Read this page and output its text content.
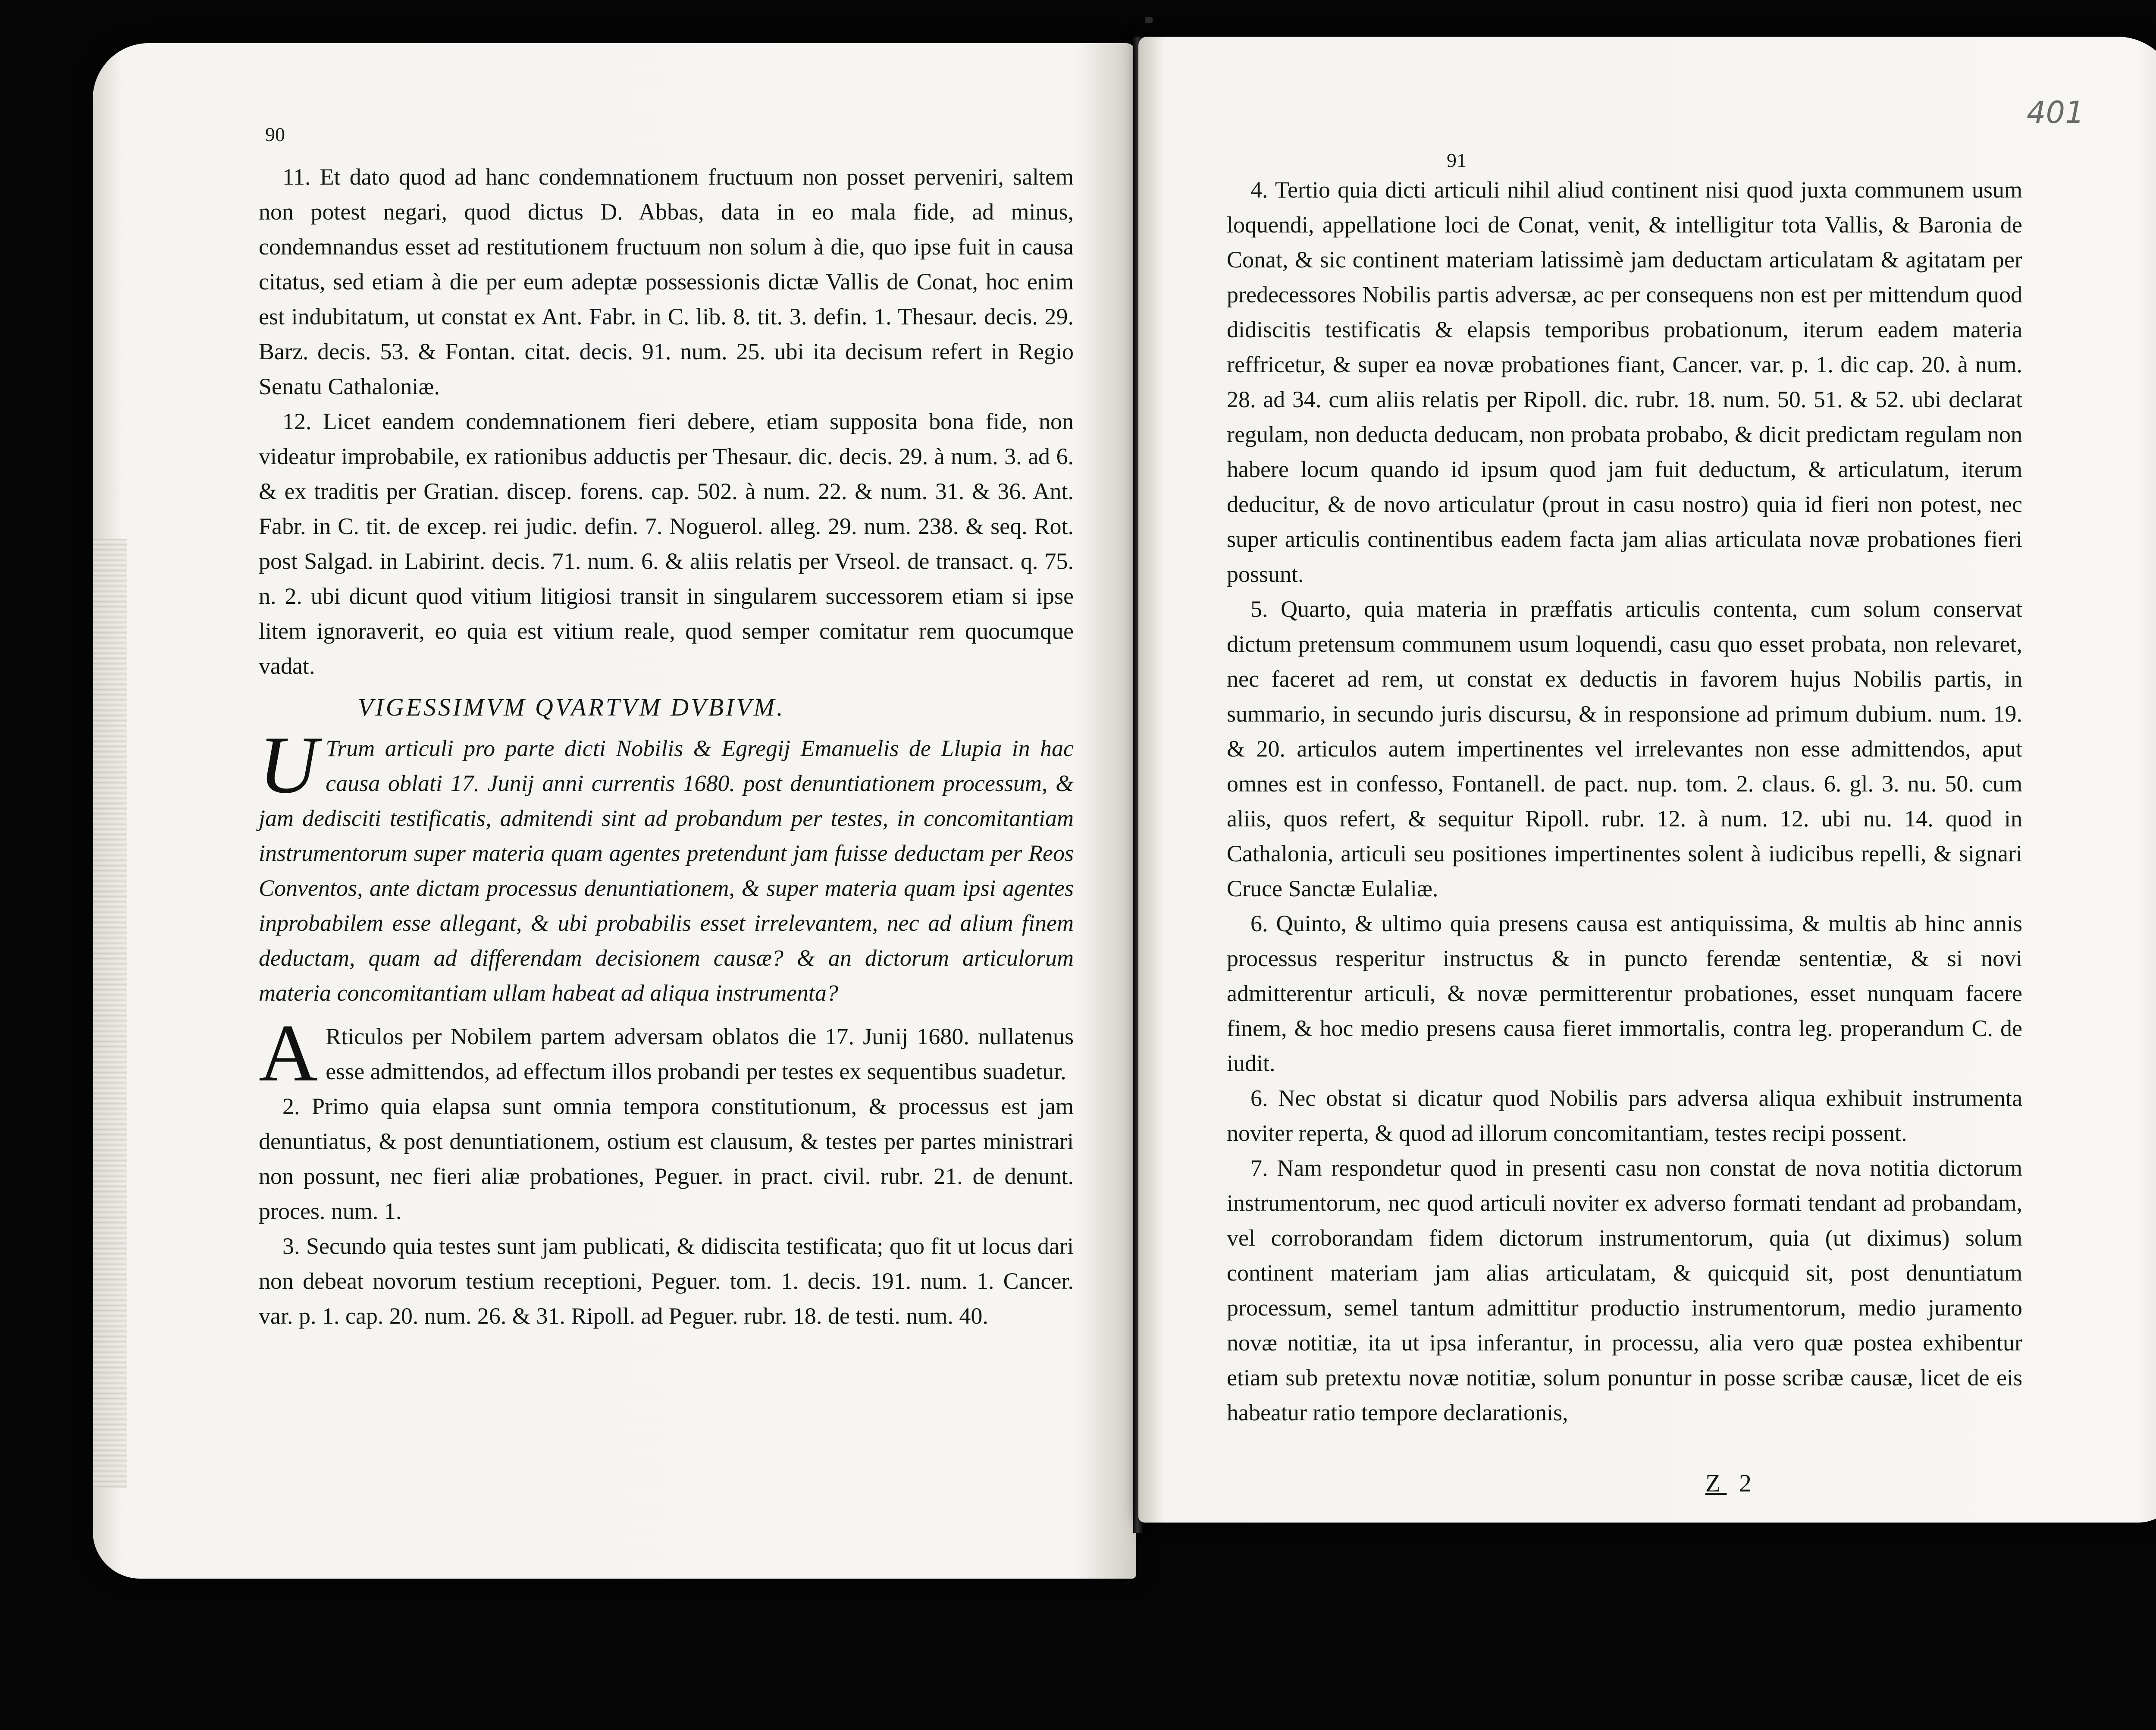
401
90
91

11. Et dato quod ad hanc condemnationem fructuum non posset perveniri, saltem non potest negari, quod dictus D. Abbas, data in eo mala fide, ad minus, condemnandus esset ad restitutionem fructuum non solum à die, quo ipse fuit in causa citatus, sed etiam à die per eum adeptæ possessionis dictæ Vallis de Conat, hoc enim est indubitatum, ut constat ex Ant. Fabr. in C. lib. 8. tit. 3. defin. 1. Thesaur. decis. 29. Barz. decis. 53. & Fontan. citat. decis. 91. num. 25. ubi ita decisum refert in Regio Senatu Cathaloniæ.

12. Licet eandem condemnationem fieri debere, etiam supposita bona fide, non videatur improbabile, ex rationibus adductis per Thesaur. dic. decis. 29. à num. 3. ad 6. & ex traditis per Gratian. discep. forens. cap. 502. à num. 22. & num. 31. & 36. Ant. Fabr. in C. tit. de excep. rei judic. defin. 7. Noguerol. alleg. 29. num. 238. & seq. Rot. post Salgad. in Labirint. decis. 71. num. 6. & aliis relatis per Vrseol. de transact. q. 75. n. 2. ubi dicunt quod vitium litigiosi transit in singularem successorem etiam si ipse litem ignoraverit, eo quia est vitium reale, quod semper comitatur rem quocumque vadat.

VIGESSIMVM QVARTVM DVBIVM.

U Trum articuli pro parte dicti Nobilis & Egregij Emanuelis de Llupia in hac causa oblati 17. Junij anni currentis 1680. post denuntiationem processum, & jam dedisciti testificatis, admitendi sint ad probandum per testes, in concomitantiam instrumentorum super materia quam agentes pretendunt jam fuisse deductam per Reos Conventos, ante dictam processus denuntiationem, & super materia quam ipsi agentes inprobabilem esse allegant, & ubi probabilis esset irrelevantem, nec ad alium finem deductam, quam ad differendam decisionem causæ? & an dictorum articulorum materia concomitantiam ullam habeat ad aliqua instrumenta?

A Rticulos per Nobilem partem adversam oblatos die 17. Junij 1680. nullatenus esse admittendos, ad effectum illos probandi per testes ex sequentibus suadetur.

2. Primo quia elapsa sunt omnia tempora constitutionum, & processus est jam denuntiatus, & post denuntiationem, ostium est clausum, & testes per partes ministrari non possunt, nec fieri aliæ probationes, Peguer. in pract. civil. rubr. 21. de denunt. proces. num. 1.

3. Secundo quia testes sunt jam publicati, & didiscita testificata; quo fit ut locus dari non debeat novorum testium receptioni, Peguer. tom. 1. decis. 191. num. 1. Cancer. var. p. 1. cap. 20. num. 26. & 31. Ripoll. ad Peguer. rubr. 18. de testi. num. 40.

4. Tertio quia dicti articuli nihil aliud continent nisi quod juxta communem usum loquendi, appellatione loci de Conat, venit, & intelligitur tota Vallis, & Baronia de Conat, & sic continent materiam latissimè jam deductam articulatam & agitatam per predecessores Nobilis partis adversæ, ac per consequens non est per mittendum quod didiscitis testificatis & elapsis temporibus probationum, iterum eadem materia reffricetur, & super ea novæ probationes fiant, Cancer. var. p. 1. dic cap. 20. à num. 28. ad 34. cum aliis relatis per Ripoll. dic. rubr. 18. num. 50. 51. & 52. ubi declarat regulam, non deducta deducam, non probata probabo, & dicit predictam regulam non habere locum quando id ipsum quod jam fuit deductum, & articulatum, iterum deducitur, & de novo articulatur (prout in casu nostro) quia id fieri non potest, nec super articulis continentibus eadem facta jam alias articulata novæ probationes fieri possunt.

5. Quarto, quia materia in præffatis articulis contenta, cum solum conservat dictum pretensum communem usum loquendi, casu quo esset probata, non relevaret, nec faceret ad rem, ut constat ex deductis in favorem hujus Nobilis partis, in summario, in secundo juris discursu, & in responsione ad primum dubium. num. 19. & 20. articulos autem impertinentes vel irrelevantes non esse admittendos, aput omnes est in confesso, Fontanell. de pact. nup. tom. 2. claus. 6. gl. 3. nu. 50. cum aliis, quos refert, & sequitur Ripoll. rubr. 12. à num. 12. ubi nu. 14. quod in Cathalonia, articuli seu positiones impertinentes solent à iudicibus repelli, & signari Cruce Sanctæ Eulaliæ.

6. Quinto, & ultimo quia presens causa est antiquissima, & multis ab hinc annis processus resperitur instructus & in puncto ferendæ sententiæ, & si novi admitterentur articuli, & novæ permitterentur probationes, esset nunquam facere finem, & hoc medio presens causa fieret immortalis, contra leg. properandum C. de iudit.

6. Nec obstat si dicatur quod Nobilis pars adversa aliqua exhibuit instrumenta noviter reperta, & quod ad illorum concomitantiam, testes recipi possent.

7. Nam respondetur quod in presenti casu non constat de nova notitia dictorum instrumentorum, nec quod articuli noviter ex adverso formati tendant ad probandam, vel corroborandam fidem dictorum instrumentorum, quia (ut diximus) solum continent materiam jam alias articulatam, & quicquid sit, post denuntiatum processum, semel tantum admittitur productio instrumentorum, medio juramento novæ notitiæ, ita ut ipsa inferantur, in processu, alia vero quæ postea exhibentur etiam sub pretextu novæ notitiæ, solum ponuntur in posse scribæ causæ, licet de eis habeatur ratio tempore declarationis,

Z 2
